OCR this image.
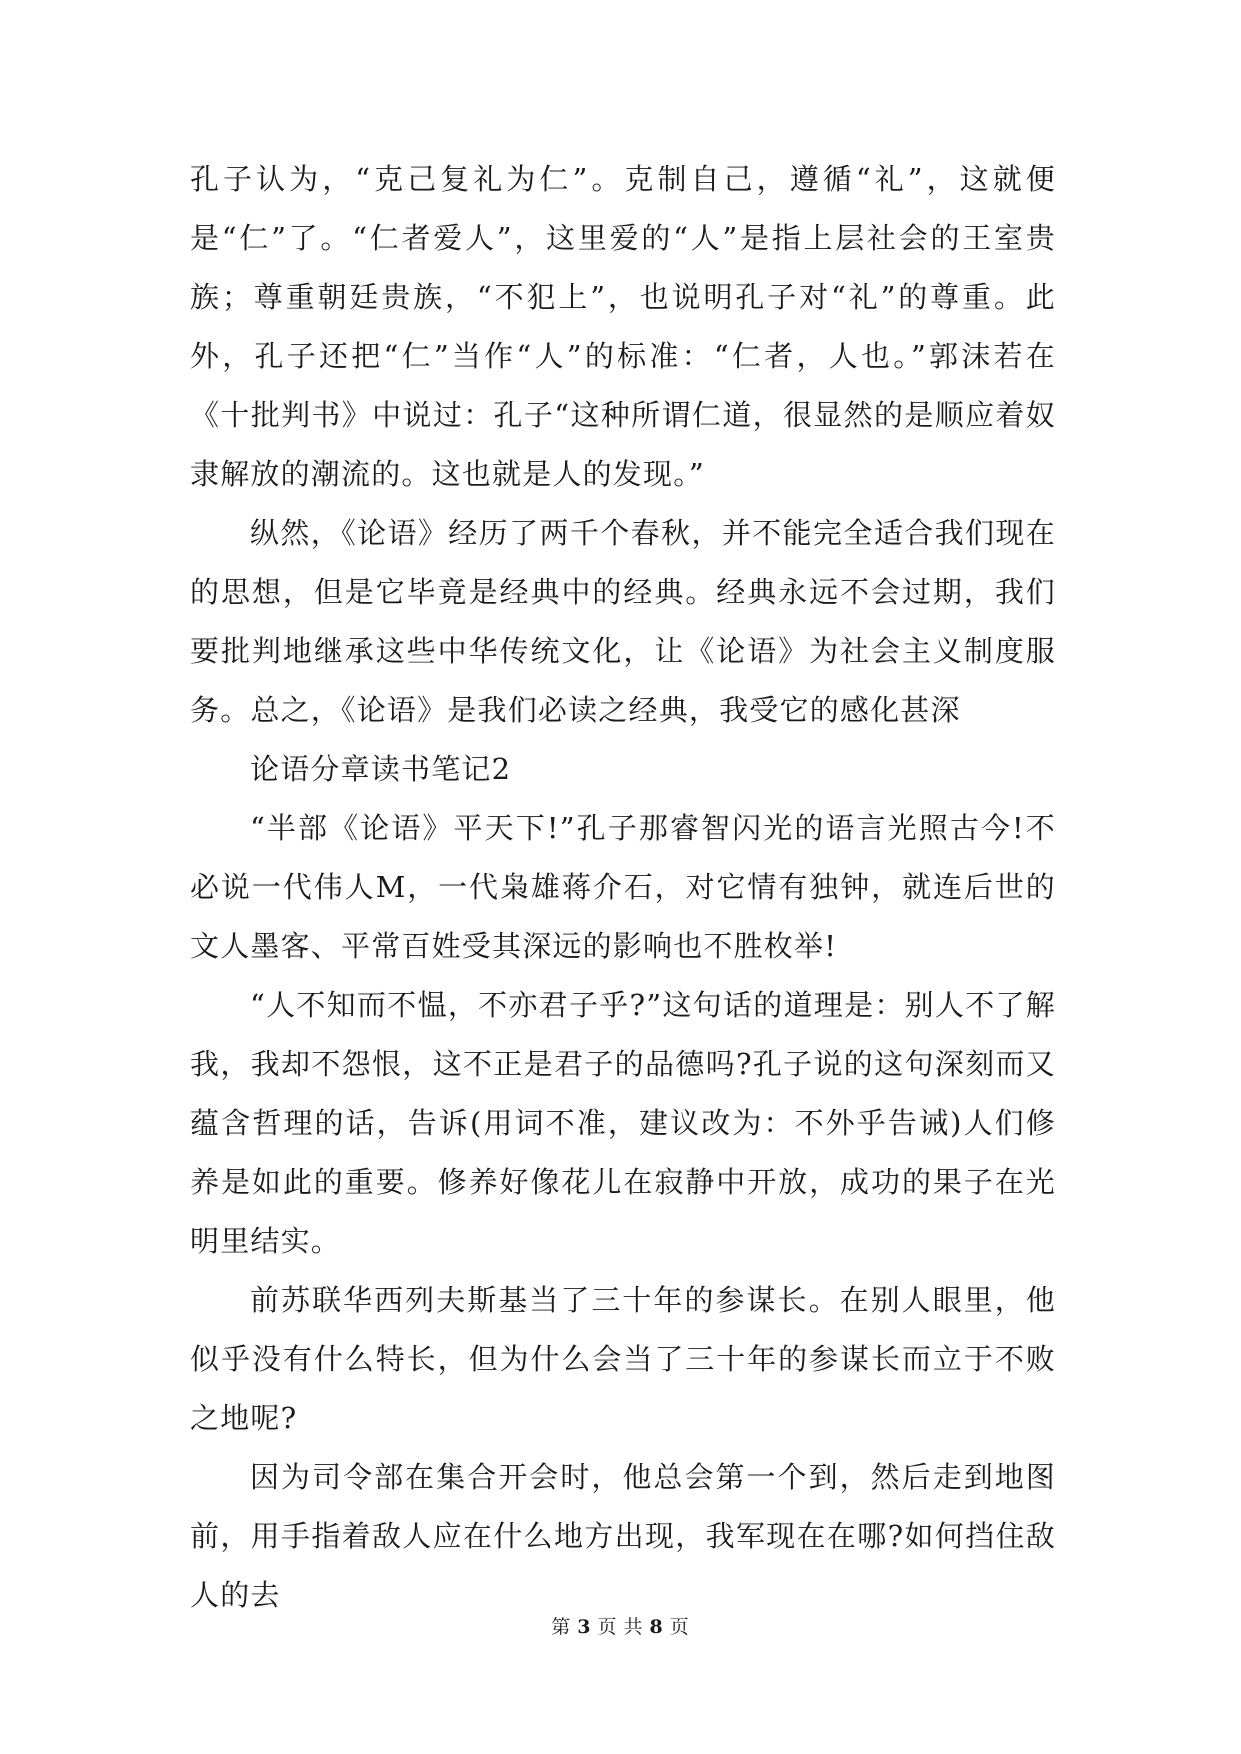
孔子认为，“克己复礼为仁”。克制自己，遵循“礼”，这就便是“仁”了。“仁者爱人”，这里爱的“人”是指上层社会的王室贵族；尊重朝廷贵族，“不犯上”，也说明孔子对“礼”的尊重。此外，孔子还把“仁”当作“人”的标准：“仁者，人也。”郭沫若在《十批判书》中说过：孔子“这种所谓仁道，很显然的是顺应着奴隶解放的潮流的。这也就是人的发现。”

纵然，《论语》经历了两千个春秋，并不能完全适合我们现在的思想，但是它毕竟是经典中的经典。经典永远不会过期，我们要批判地继承这些中华传统文化，让《论语》为社会主义制度服务。总之，《论语》是我们必读之经典，我受它的感化甚深

论语分章读书笔记2

“半部《论语》平天下!”孔子那睿智闪光的语言光照古今!不必说一代伟人M，一代枭雄蒋介石，对它情有独钟，就连后世的文人墨客、平常百姓受其深远的影响也不胜枚举!

“人不知而不愠，不亦君子乎?”这句话的道理是：别人不了解我，我却不怨恨，这不正是君子的品德吗?孔子说的这句深刻而又蕴含哲理的话，告诉(用词不准，建议改为：不外乎告诫)人们修养是如此的重要。修养好像花儿在寂静中开放，成功的果子在光明里结实。

前苏联华西列夫斯基当了三十年的参谋长。在别人眼里，他似乎没有什么特长，但为什么会当了三十年的参谋长而立于不败之地呢?

因为司令部在集合开会时，他总会第一个到，然后走到地图前，用手指着敌人应在什么地方出现，我军现在在哪?如何挡住敌人的去

第 3 页 共 8 页
